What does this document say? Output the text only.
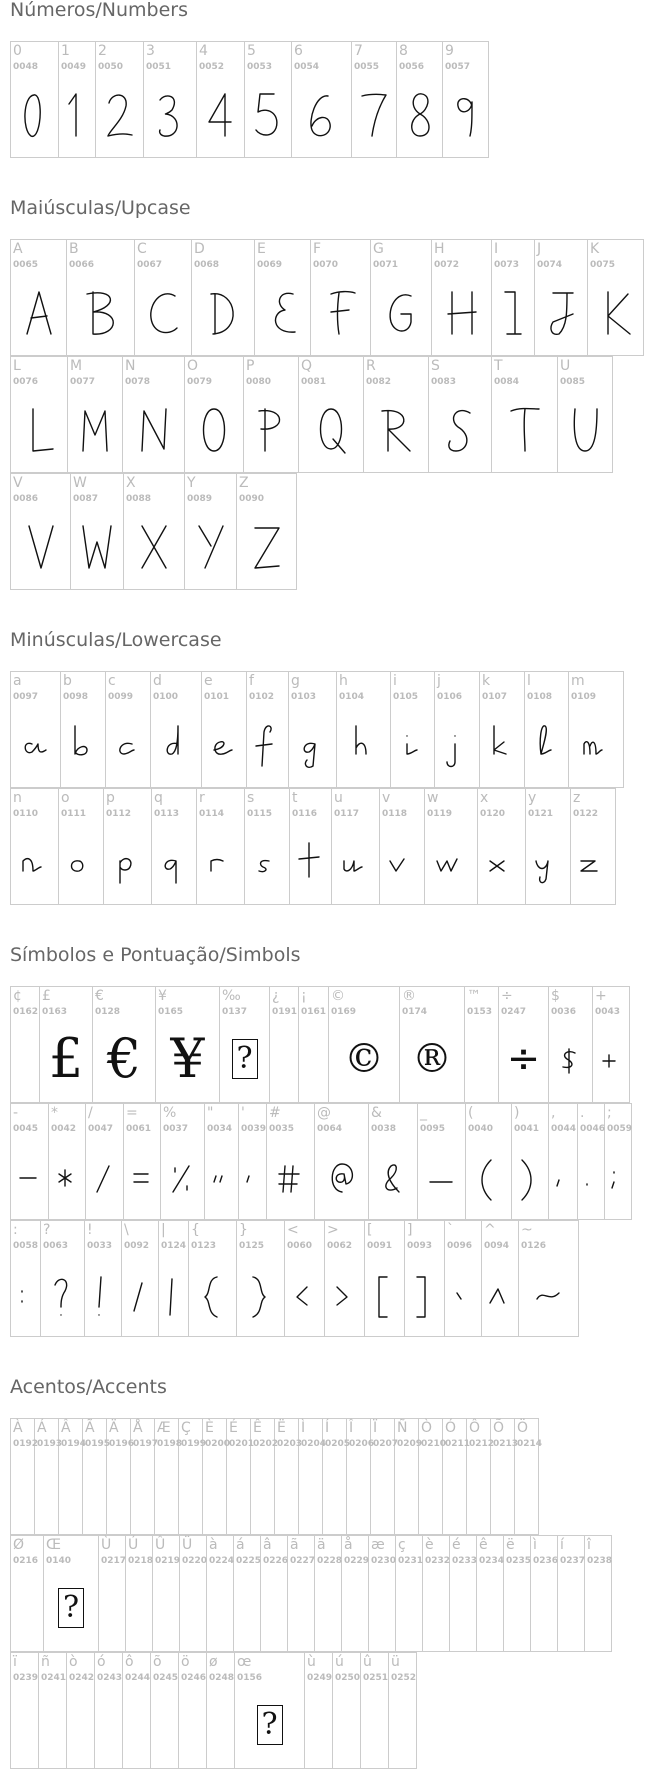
Números/Numbers
0
0048
1
0049
2
0050
3
0051
4
0052
5
0053
6
0054
7
0055
8
0056
9
0057
Maiúsculas/Upcase
A
0065
B
0066
C
0067
D
0068
E
0069
F
0070
G
0071
H
0072
I
0073
J
0074
K
0075
L
0076
M
0077
N
0078
O
0079
P
0080
Q
0081
R
0082
S
0083
T
0084
U
0085
V
0086
W
0087
X
0088
Y
0089
Z
0090
Minúsculas/Lowercase
a
0097
b
0098
c
0099
d
0100
e
0101
f
0102
g
0103
h
0104
i
0105
j
0106
k
0107
l
0108
m
0109
n
0110
o
0111
p
0112
q
0113
r
0114
s
0115
t
0116
u
0117
v
0118
w
0119
x
0120
y
0121
z
0122
Símbolos e Pontuação/Simbols
¢
0162
£
0163
£
€
0128
€
¥
0165
¥
‰
0137
?
¿
0191
¡
0161
©
0169
©
®
0174
®
™
0153
÷
0247
÷
$
0036
+
0043
-
0045
*
0042
/
0047
=
0061
%
0037
"
0034
'
0039
#
0035
@
0064
&
0038
_
0095
(
0040
)
0041
,
0044
.
0046
;
0059
:
0058
?
0063
!
0033
\
0092
|
0124
{
0123
}
0125
<
0060
>
0062
[
0091
]
0093
`
0096
^
0094
~
0126
Acentos/Accents
À
0192
Á
0193
Â
0194
Ã
0195
Ä
0196
Å
0197
Æ
0198
Ç
0199
È
0200
É
0201
Ê
0202
Ë
0203
Ì
0204
Í
0205
Î
0206
Ï
0207
Ñ
0209
Ò
0210
Ó
0211
Ô
0212
Õ
0213
Ö
0214
Ø
0216
Œ
0140
?
Ù
0217
Ú
0218
Û
0219
Ü
0220
à
0224
á
0225
â
0226
ã
0227
ä
0228
å
0229
æ
0230
ç
0231
è
0232
é
0233
ê
0234
ë
0235
ì
0236
í
0237
î
0238
ï
0239
ñ
0241
ò
0242
ó
0243
ô
0244
õ
0245
ö
0246
ø
0248
œ
0156
?
ù
0249
ú
0250
û
0251
ü
0252
